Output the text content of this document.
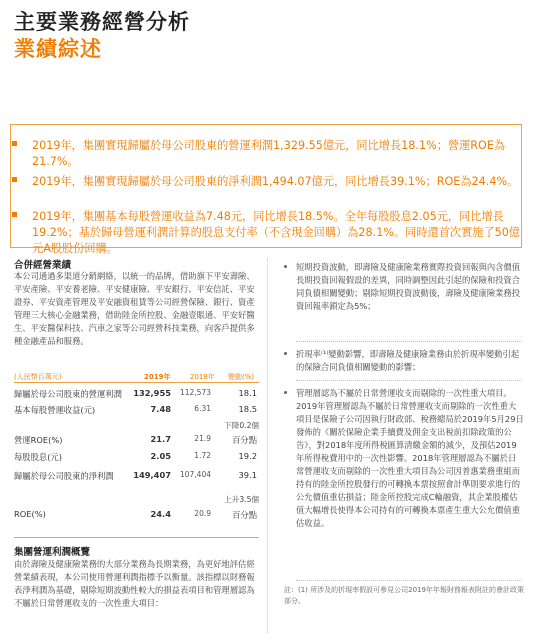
主要業務經營分析
業績綜述
2019年，集團實現歸屬於母公司股東的營運利潤1,329.55億元，同比增長18.1%；營運ROE為21.7%。
2019年，集團實現歸屬於母公司股東的淨利潤1,494.07億元，同比增長39.1%；ROE為24.4%。
2019年，集團基本每股營運收益為7.48元，同比增長18.5%。全年每股股息2.05元，同比增長19.2%；基於歸母營運利潤計算的股息支付率（不含現金回購）為28.1%。同時還首次實施了50億元A股股份回購。
合併經營業績
本公司通過多渠道分銷網絡，以統一的品牌，借助旗下平安壽險、平安產險、平安養老險、平安健康險、平安銀行、平安信託、平安證券、平安資產管理及平安融資租賃等公司經營保險、銀行、資產管理三大核心金融業務，借助陸金所控股、金融壹賬通、平安好醫生、平安醫保科技、汽車之家等公司經營科技業務，向客戶提供多種金融產品和服務。
(人民幣百萬元)	2019年	2018年 變動(%)
歸屬於母公司股東的營運利潤 132,955 112,573	18.1
基本每股營運收益(元)	7.48	6.31	18.5
下降0.2個
營運ROE(%)	21.7	21.9	百分點
每股股息(元)	2.05	1.72	19.2
歸屬於母公司股東的淨利潤 149,407 107,404	39.1
上升3.5個
ROE(%)	24.4	20.9	百分點
集團營運利潤概覽
由於壽險及健康險業務的大部分業務為長期業務，為更好地評估經營業績表現，本公司使用營運利潤指標予以衡量。該指標以財務報表淨利潤為基礎，剔除短期波動性較大的損益表項目和管理層認為不屬於日常營運收支的一次性重大項目：
短期投資波動，即壽險及健康險業務實際投資回報與內含價值長期投資回報假設的差異，同時調整因此引起的保險和投資合同負債相關變動；剔除短期投資波動後，壽險及健康險業務投資回報率鎖定為5%；
折現率⁽¹⁾變動影響，即壽險及健康險業務由於折現率變動引起的保險合同負債相關變動的影響；
管理層認為不屬於日常營運收支而剔除的一次性重大項目。2019年管理層認為不屬於日常營運收支而剔除的一次性重大項目是保險子公司因執行財政部、稅務總局於2019年5月29日發佈的《關於保險企業手續費及佣金支出稅前扣除政策的公告》，對2018年度所得稅匯算清繳金額的減少，及預估2019年所得稅費用中的一次性影響。2018年管理層認為不屬於日常營運收支而剔除的一次性重大項目為公司因普惠業務重組而持有的陸金所控股發行的可轉換本票按照會計準則要求進行的公允價值重估損益；陸金所控股完成C輪融資，其企業股權估值大幅增長使得本公司持有的可轉換本票產生重大公允價值重估收益。
註：(1) 所涉及的折現率假設可參見公司2019年年報財務報表附註的會計政策部分。
